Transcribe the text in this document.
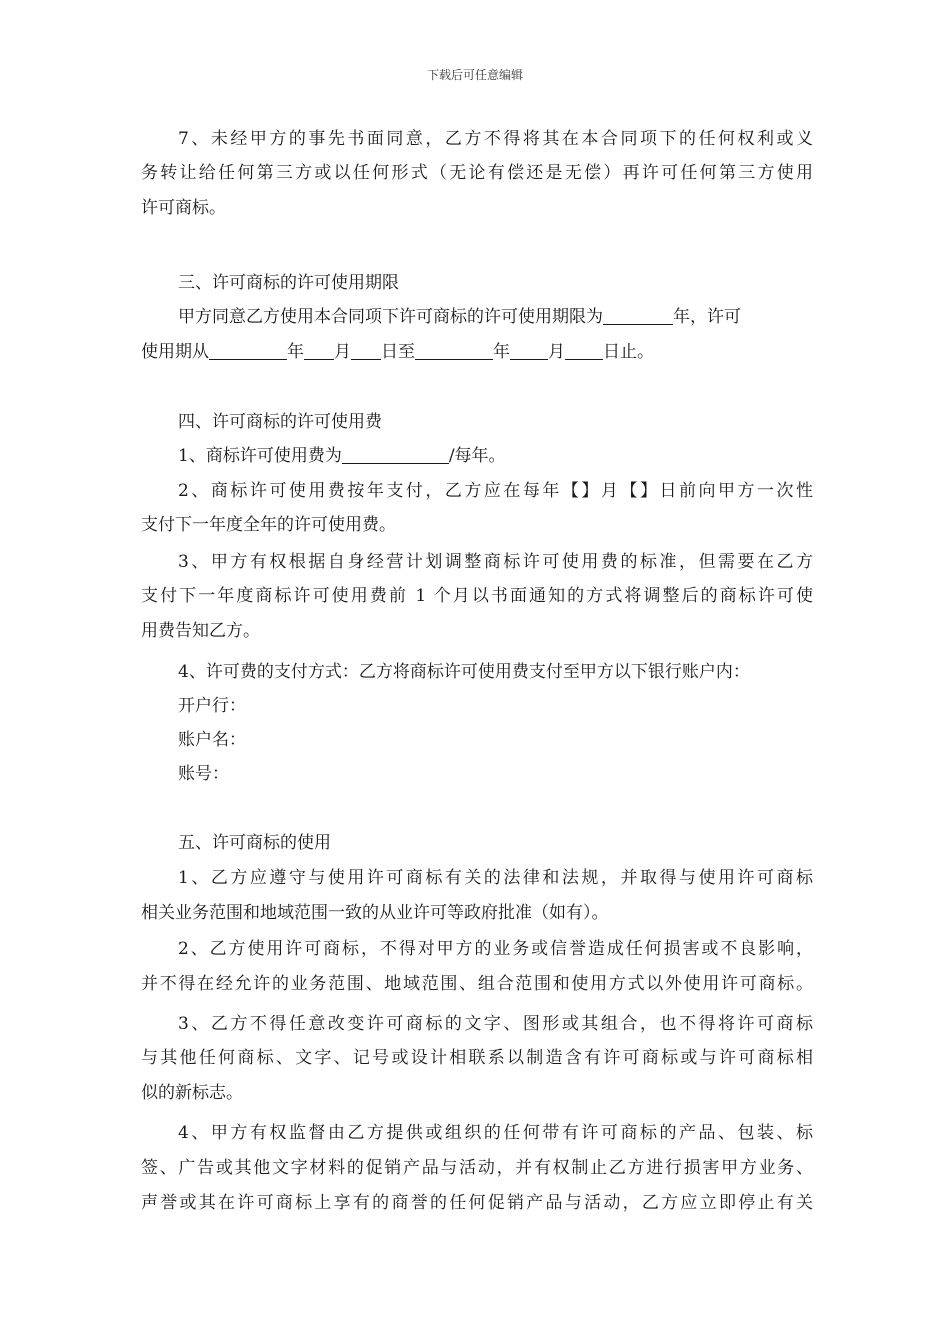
下载后可任意编辑

7、未经甲方的事先书面同意，乙方不得将其在本合同项下的任何权利或义

务转让给任何第三方或以任何形式（无论有偿还是无偿）再许可任何第三方使用

许可商标。

三、许可商标的许可使用期限

甲方同意乙方使用本合同项下许可商标的许可使用期限为	年，许可

使用期从	年 月 日至	年 月 日止。

四、许可商标的许可使用费

1、商标许可使用费为	/每年。

2、商标许可使用费按年支付，乙方应在每年【】月【】日前向甲方一次性

支付下一年度全年的许可使用费。

3、甲方有权根据自身经营计划调整商标许可使用费的标准，但需要在乙方

支付下一年度商标许可使用费前 1 个月以书面通知的方式将调整后的商标许可使

用费告知乙方。

4、许可费的支付方式：乙方将商标许可使用费支付至甲方以下银行账户内：

开户行：

账户名：

账号：

五、许可商标的使用

1、乙方应遵守与使用许可商标有关的法律和法规，并取得与使用许可商标

相关业务范围和地域范围一致的从业许可等政府批准（如有）。

2、乙方使用许可商标，不得对甲方的业务或信誉造成任何损害或不良影响，

并不得在经允许的业务范围、地域范围、组合范围和使用方式以外使用许可商标。

3、乙方不得任意改变许可商标的文字、图形或其组合，也不得将许可商标

与其他任何商标、文字、记号或设计相联系以制造含有许可商标或与许可商标相

似的新标志。

4、甲方有权监督由乙方提供或组织的任何带有许可商标的产品、包装、标

签、广告或其他文字材料的促销产品与活动，并有权制止乙方进行损害甲方业务、

声誉或其在许可商标上享有的商誉的任何促销产品与活动，乙方应立即停止有关
